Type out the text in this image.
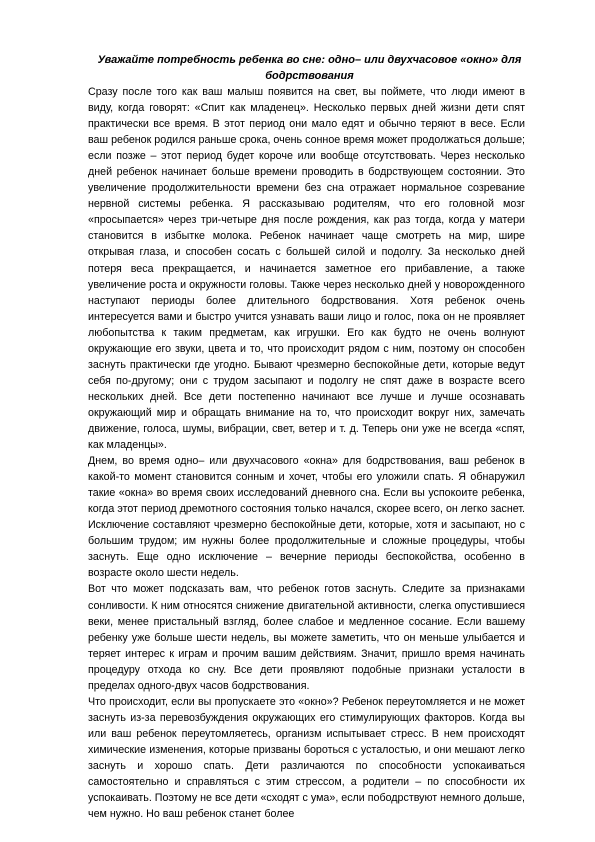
Уважайте потребность ребенка во сне: одно– или двухчасовое «окно» для бодрствования

Сразу после того как ваш малыш появится на свет, вы поймете, что люди имеют в виду, когда говорят: «Спит как младенец». Несколько первых дней жизни дети спят практически все время. В этот период они мало едят и обычно теряют в весе. Если ваш ребенок родился раньше срока, очень сонное время может продолжаться дольше; если позже – этот период будет короче или вообще отсутствовать. Через несколько дней ребенок начинает больше времени проводить в бодрствующем состоянии. Это увеличение продолжительности времени без сна отражает нормальное созревание нервной системы ребенка. Я рассказываю родителям, что его головной мозг «просыпается» через три-четыре дня после рождения, как раз тогда, когда у матери становится в избытке молока. Ребенок начинает чаще смотреть на мир, шире открывая глаза, и способен сосать с большей силой и подолгу. За несколько дней потеря веса прекращается, и начинается заметное его прибавление, а также увеличение роста и окружности головы. Также через несколько дней у новорожденного наступают периоды более длительного бодрствования. Хотя ребенок очень интересуется вами и быстро учится узнавать ваши лицо и голос, пока он не проявляет любопытства к таким предметам, как игрушки. Его как будто не очень волнуют окружающие его звуки, цвета и то, что происходит рядом с ним, поэтому он способен заснуть практически где угодно. Бывают чрезмерно беспокойные дети, которые ведут себя по-другому; они с трудом засыпают и подолгу не спят даже в возрасте всего нескольких дней. Все дети постепенно начинают все лучше и лучше осознавать окружающий мир и обращать внимание на то, что происходит вокруг них, замечать движение, голоса, шумы, вибрации, свет, ветер и т. д. Теперь они уже не всегда «спят, как младенцы».

Днем, во время одно– или двухчасового «окна» для бодрствования, ваш ребенок в какой-то момент становится сонным и хочет, чтобы его уложили спать. Я обнаружил такие «окна» во время своих исследований дневного сна. Если вы успокоите ребенка, когда этот период дремотного состояния только начался, скорее всего, он легко заснет. Исключение составляют чрезмерно беспокойные дети, которые, хотя и засыпают, но с большим трудом; им нужны более продолжительные и сложные процедуры, чтобы заснуть. Еще одно исключение – вечерние периоды беспокойства, особенно в возрасте около шести недель.

Вот что может подсказать вам, что ребенок готов заснуть. Следите за признаками сонливости. К ним относятся снижение двигательной активности, слегка опустившиеся веки, менее пристальный взгляд, более слабое и медленное сосание. Если вашему ребенку уже больше шести недель, вы можете заметить, что он меньше улыбается и теряет интерес к играм и прочим вашим действиям. Значит, пришло время начинать процедуру отхода ко сну. Все дети проявляют подобные признаки усталости в пределах одного-двух часов бодрствования.

Что происходит, если вы пропускаете это «окно»? Ребенок переутомляется и не может заснуть из-за перевозбуждения окружающих его стимулирующих факторов. Когда вы или ваш ребенок переутомляетесь, организм испытывает стресс. В нем происходят химические изменения, которые призваны бороться с усталостью, и они мешают легко заснуть и хорошо спать. Дети различаются по способности успокаиваться самостоятельно и справляться с этим стрессом, а родители – по способности их успокаивать. Поэтому не все дети «сходят с ума», если пободрствуют немного дольше, чем нужно. Но ваш ребенок станет более
